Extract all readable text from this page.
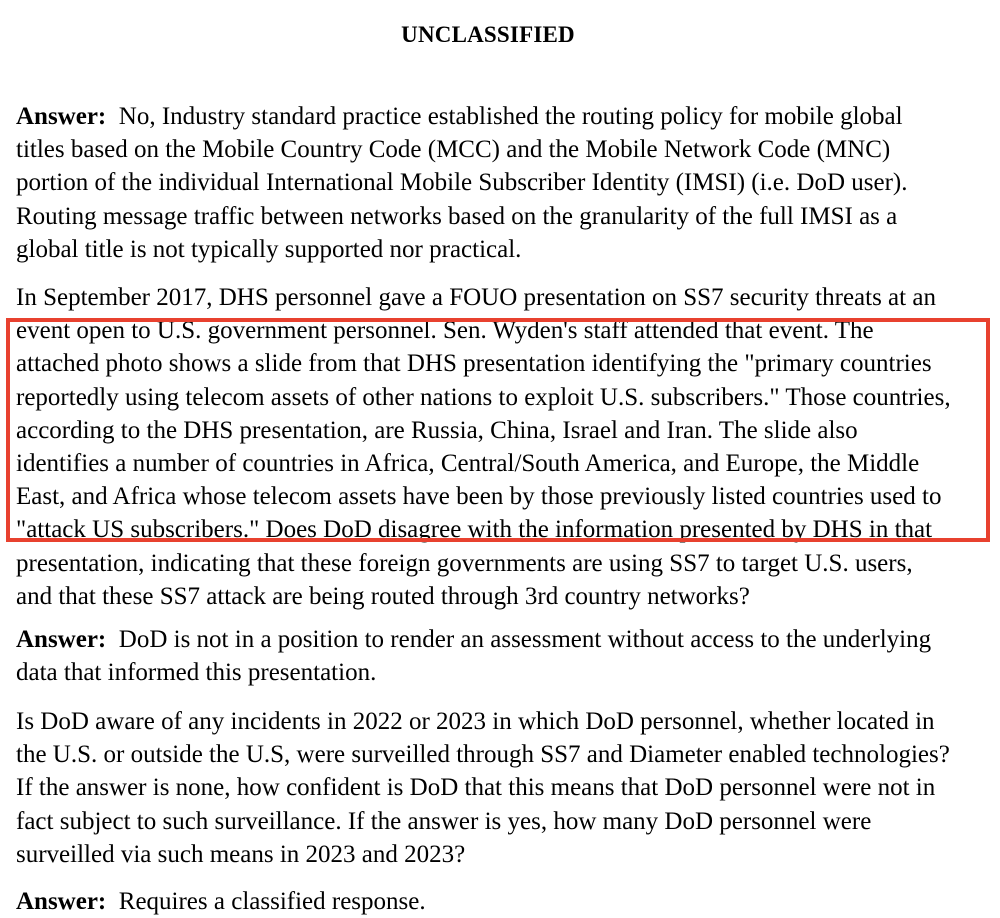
UNCLASSIFIED
Answer: No, Industry standard practice established the routing policy for mobile global
titles based on the Mobile Country Code (MCC) and the Mobile Network Code (MNC)
portion of the individual International Mobile Subscriber Identity (IMSI) (i.e. DoD user).
Routing message traffic between networks based on the granularity of the full IMSI as a
global title is not typically supported nor practical.
In September 2017, DHS personnel gave a FOUO presentation on SS7 security threats at an
event open to U.S. government personnel. Sen. Wyden's staff attended that event. The
attached photo shows a slide from that DHS presentation identifying the "primary countries
reportedly using telecom assets of other nations to exploit U.S. subscribers." Those countries,
according to the DHS presentation, are Russia, China, Israel and Iran. The slide also
identifies a number of countries in Africa, Central/South America, and Europe, the Middle
East, and Africa whose telecom assets have been by those previously listed countries used to
"attack US subscribers." Does DoD disagree with the information presented by DHS in that
presentation, indicating that these foreign governments are using SS7 to target U.S. users,
and that these SS7 attack are being routed through 3rd country networks?
Answer: DoD is not in a position to render an assessment without access to the underlying
data that informed this presentation.
Is DoD aware of any incidents in 2022 or 2023 in which DoD personnel, whether located in
the U.S. or outside the U.S, were surveilled through SS7 and Diameter enabled technologies?
If the answer is none, how confident is DoD that this means that DoD personnel were not in
fact subject to such surveillance. If the answer is yes, how many DoD personnel were
surveilled via such means in 2023 and 2023?
Answer: Requires a classified response.
